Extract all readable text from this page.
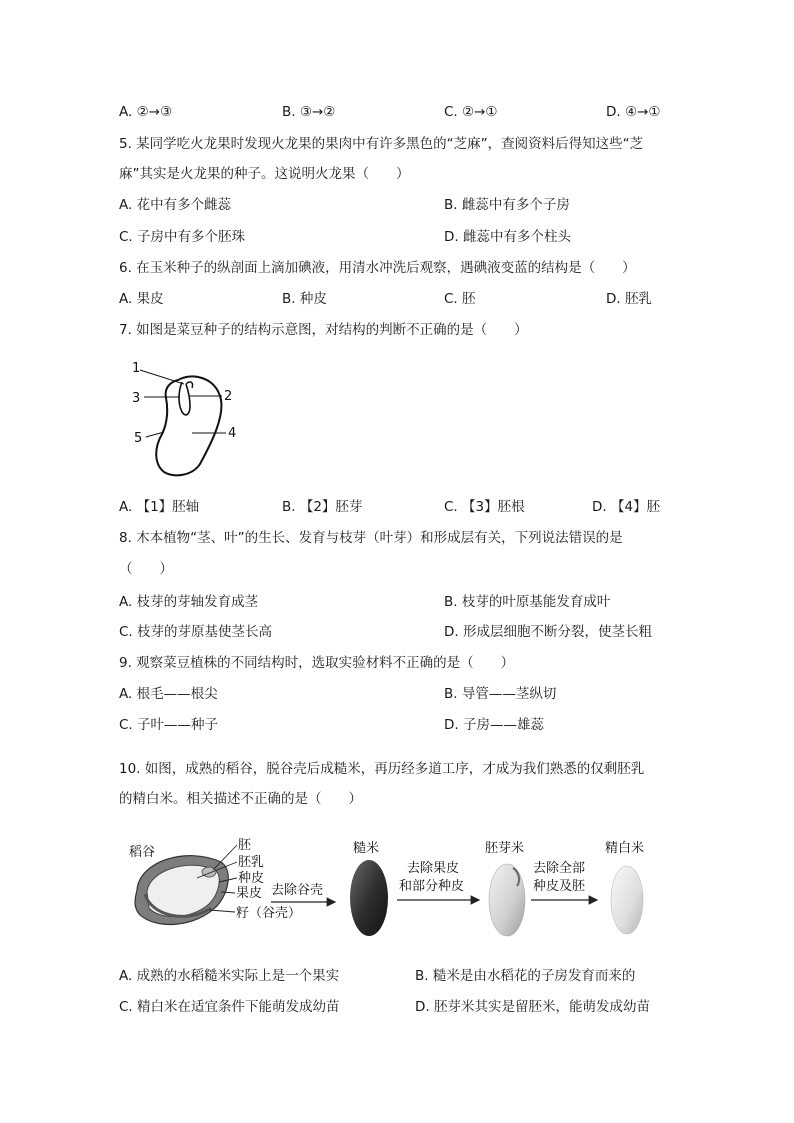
A. ②→③	B. ③→②	C. ②→①	D. ④→①
5. 某同学吃火龙果时发现火龙果的果肉中有许多黑色的“芝麻”，查阅资料后得知这些“芝
麻”其实是火龙果的种子。这说明火龙果（　　）
A. 花中有多个雌蕊	B. 雌蕊中有多个子房
C. 子房中有多个胚珠	D. 雌蕊中有多个柱头
6. 在玉米种子的纵剖面上滴加碘液，用清水冲洗后观察，遇碘液变蓝的结构是（　　）
A. 果皮	B. 种皮	C. 胚	D. 胚乳
7. 如图是菜豆种子的结构示意图，对结构的判断不正确的是（　　）
1
3	2
4
5
A. 【1】胚轴	B. 【2】胚芽	C. 【3】胚根	D. 【4】胚
8. 木本植物“茎、叶”的生长、发育与枝芽（叶芽）和形成层有关，下列说法错误的是
（　　）
A. 枝芽的芽轴发育成茎	B. 枝芽的叶原基能发育成叶
C. 枝芽的芽原基使茎长高	D. 形成层细胞不断分裂，使茎长粗
9. 观察菜豆植株的不同结构时，选取实验材料不正确的是（　　）
A. 根毛——根尖	B. 导管——茎纵切
C. 子叶——种子	D. 子房——雄蕊
10. 如图，成熟的稻谷，脱谷壳后成糙米，再历经多道工序，才成为我们熟悉的仅剩胚乳
的精白米。相关描述不正确的是（　　）
稻谷	胚
胚乳
种皮
果皮
籽（谷壳）
去除谷壳
糙米
去除果皮
和部分种皮
胚芽米
去除全部
种皮及胚
精白米
A. 成熟的水稻糙米实际上是一个果实	B. 糙米是由水稻花的子房发育而来的
C. 精白米在适宜条件下能萌发成幼苗	D. 胚芽米其实是留胚米，能萌发成幼苗
